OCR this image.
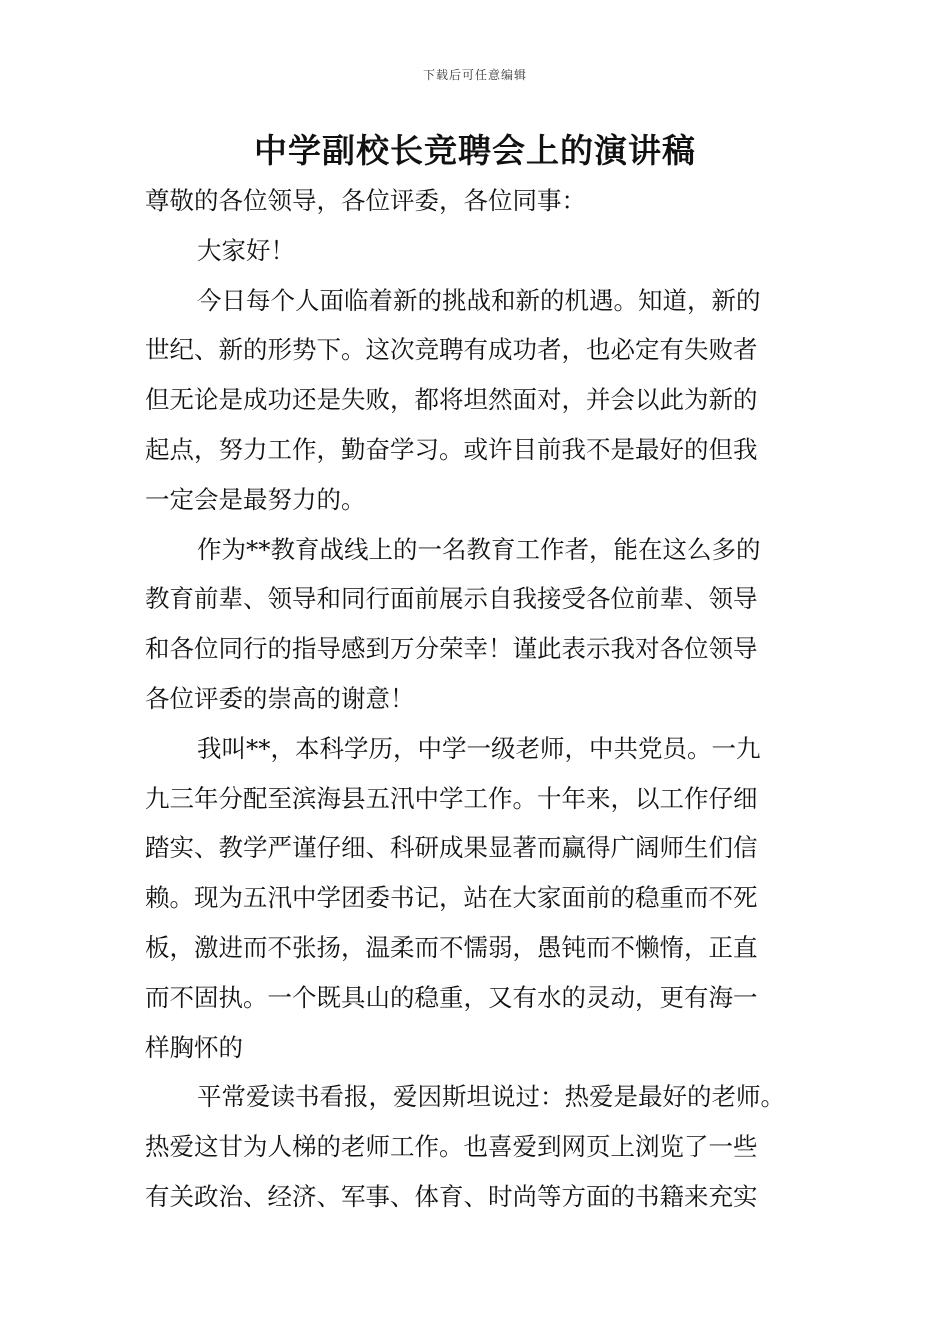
下载后可任意编辑
中学副校长竞聘会上的演讲稿
尊敬的各位领导，各位评委，各位同事：
大家好！
今日每个人面临着新的挑战和新的机遇。知道，新的
世纪、新的形势下。这次竞聘有成功者，也必定有失败者
但无论是成功还是失败，都将坦然面对，并会以此为新的
起点，努力工作，勤奋学习。或许目前我不是最好的但我
一定会是最努力的。
作为**教育战线上的一名教育工作者，能在这么多的
教育前辈、领导和同行面前展示自我接受各位前辈、领导
和各位同行的指导感到万分荣幸！谨此表示我对各位领导
各位评委的崇高的谢意！
我叫**，本科学历，中学一级老师，中共党员。一九
九三年分配至滨海县五汛中学工作。十年来，以工作仔细
踏实、教学严谨仔细、科研成果显著而赢得广阔师生们信
赖。现为五汛中学团委书记，站在大家面前的稳重而不死
板，激进而不张扬，温柔而不懦弱，愚钝而不懒惰，正直
而不固执。一个既具山的稳重，又有水的灵动，更有海一
样胸怀的
平常爱读书看报，爱因斯坦说过：热爱是最好的老师。
热爱这甘为人梯的老师工作。也喜爱到网页上浏览了一些
有关政治、经济、军事、体育、时尚等方面的书籍来充实
